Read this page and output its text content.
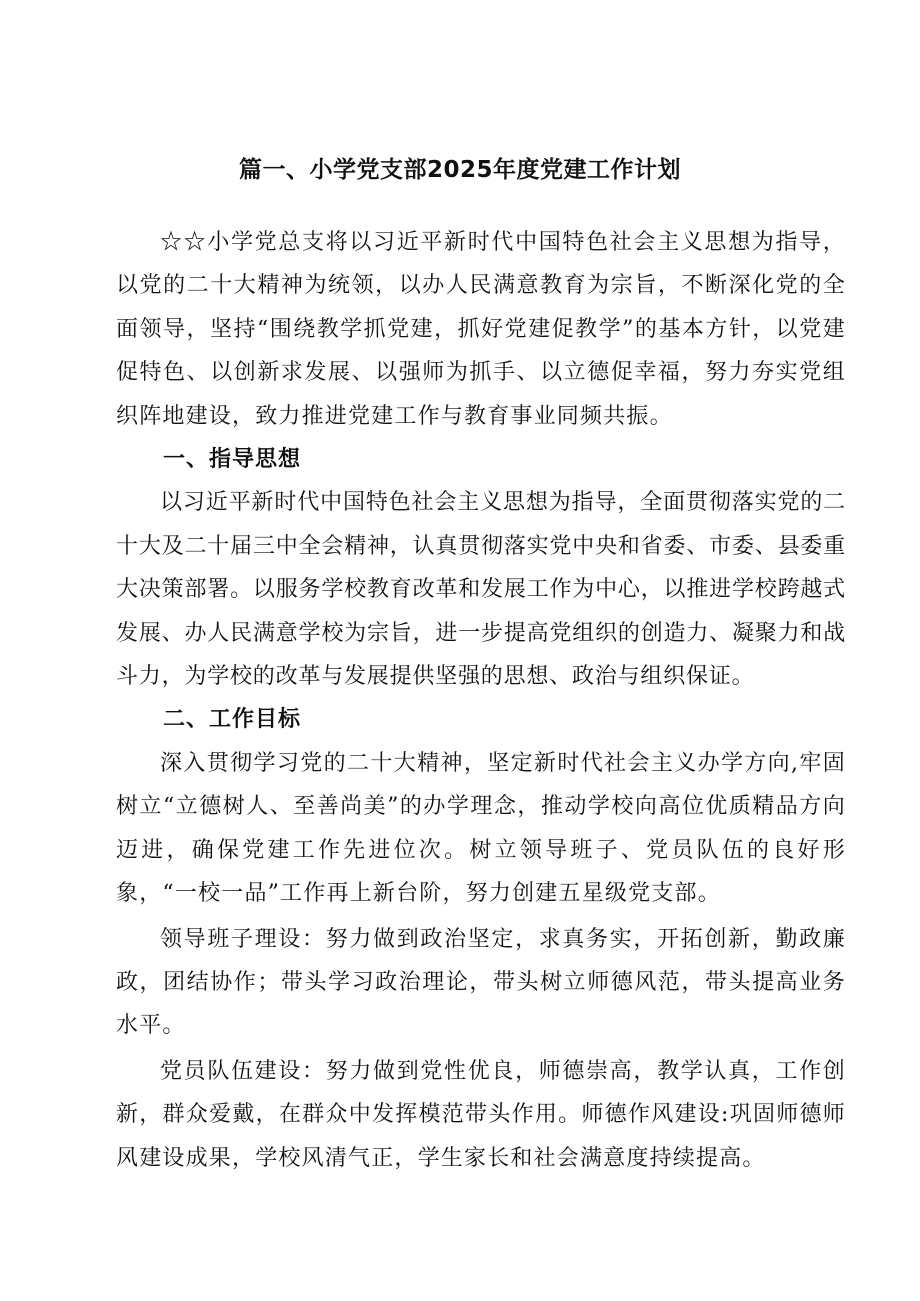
篇一、小学党支部2025年度党建工作计划

☆☆小学党总支将以习近平新时代中国特色社会主义思想为指导，以党的二十大精神为统领，以办人民满意教育为宗旨，不断深化党的全面领导，坚持“围绕教学抓党建，抓好党建促教学”的基本方针，以党建促特色、以创新求发展、以强师为抓手、以立德促幸福，努力夯实党组织阵地建设，致力推进党建工作与教育事业同频共振。

一、指导思想

以习近平新时代中国特色社会主义思想为指导，全面贯彻落实党的二十大及二十届三中全会精神，认真贯彻落实党中央和省委、市委、县委重大决策部署。以服务学校教育改革和发展工作为中心，以推进学校跨越式发展、办人民满意学校为宗旨，进一步提高党组织的创造力、凝聚力和战斗力，为学校的改革与发展提供坚强的思想、政治与组织保证。

二、工作目标

深入贯彻学习党的二十大精神，坚定新时代社会主义办学方向,牢固树立“立德树人、至善尚美”的办学理念，推动学校向高位优质精品方向迈进，确保党建工作先进位次。树立领导班子、党员队伍的良好形象，“一校一品”工作再上新台阶，努力创建五星级党支部。

领导班子理设：努力做到政治坚定，求真务实，开拓创新，勤政廉政，团结协作；带头学习政治理论，带头树立师德风范，带头提高业务水平。

党员队伍建设：努力做到党性优良，师德崇高，教学认真，工作创新，群众爱戴，在群众中发挥模范带头作用。师德作风建设:巩固师德师风建设成果，学校风清气正，学生家长和社会满意度持续提高。
